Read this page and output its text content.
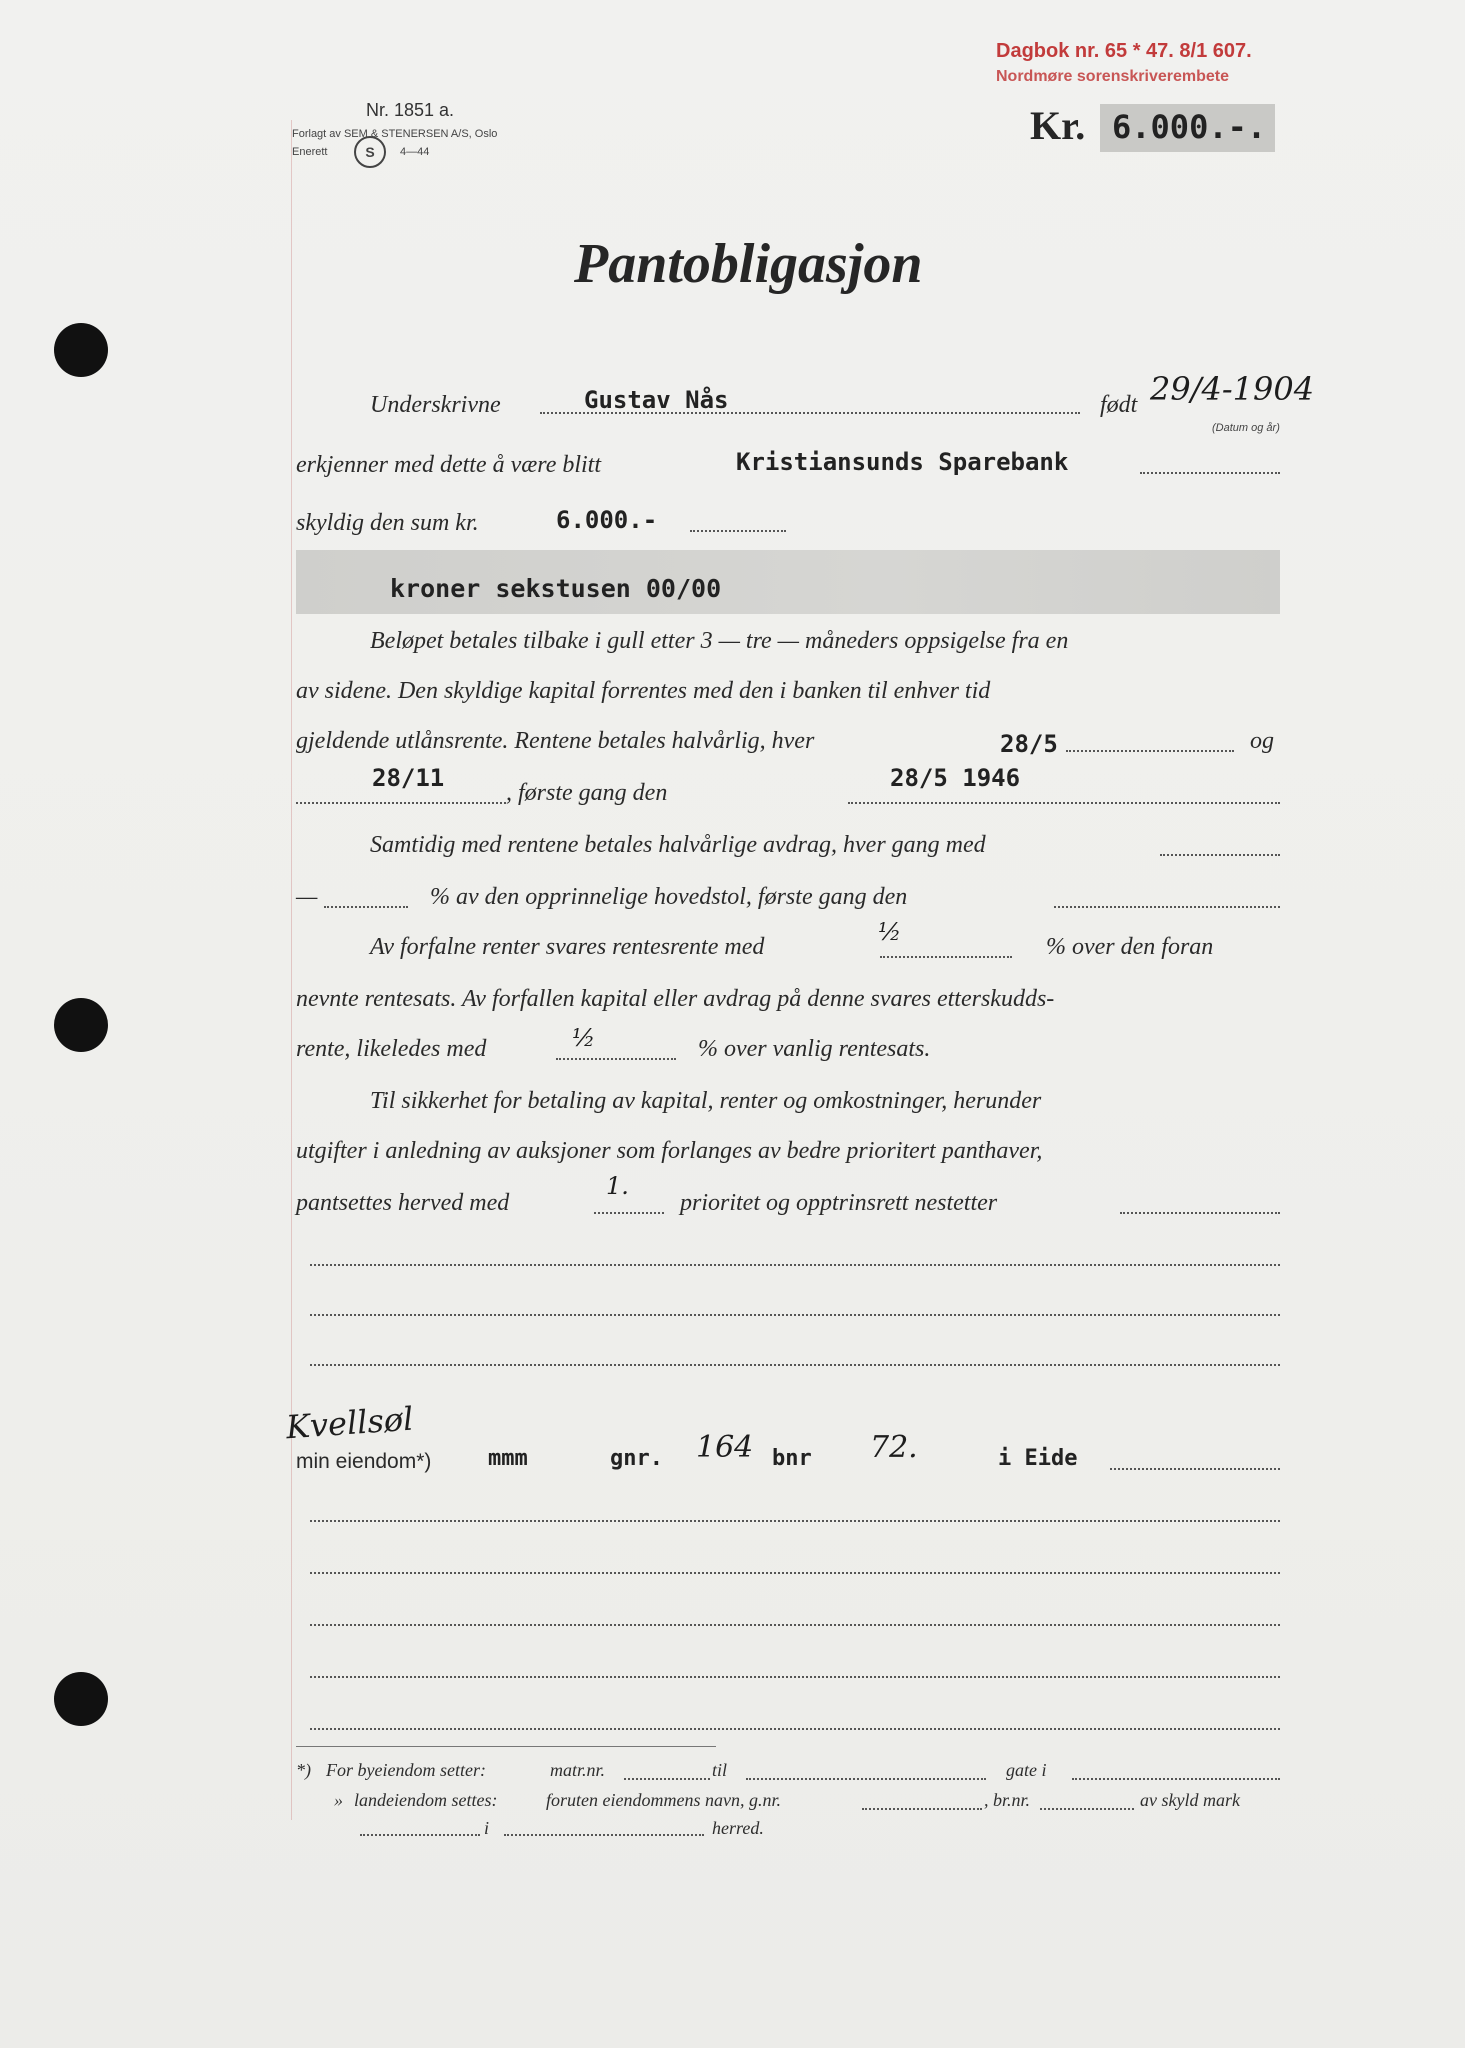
Dagbok nr. 65 * 47. 8/1 607.
Nordmøre sorenskriverembete
Nr. 1851 a.
Forlagt av SEM & STENERSEN A/S, Oslo
Enerett	S	4—44
Kr. 6.000.-.
Pantobligasjon
Underskrivne	Gustav Nås	født 29/4-1904
(Datum og år)
erkjenner med dette å være blitt	Kristiansunds Sparebank
skyldig den sum kr.	6.000.-
kroner sekstusen 00/00
Beløpet betales tilbake i gull etter 3 — tre — måneders oppsigelse fra en
av sidene. Den skyldige kapital forrentes med den i banken til enhver tid
gjeldende utlånsrente. Rentene betales halvårlig, hver	28/5	og
28/11
, første gang den
28/5 1946
Samtidig med rentene betales halvårlige avdrag, hver gang med
—	% av den opprinnelige hovedstol, første gang den
Av forfalne renter svares rentesrente med
½
% over den foran
nevnte rentesats. Av forfallen kapital eller avdrag på denne svares etterskudds-
rente, likeledes med	½	% over vanlig rentesats.
Til sikkerhet for betaling av kapital, renter og omkostninger, herunder
utgifter i anledning av auksjoner som forlanges av bedre prioritert panthaver,
pantsettes herved med
1.
prioritet og opptrinsrett nestetter
Kvellsøl
min eiendom*)	mmm	gnr. 164 bnr 72.	i Eide
*) For byeiendom setter:	matr.nr.	til	gate i
» landeiendom settes:	foruten eiendommens navn, g.nr.	, br.nr.	av skyld mark
i	herred.
